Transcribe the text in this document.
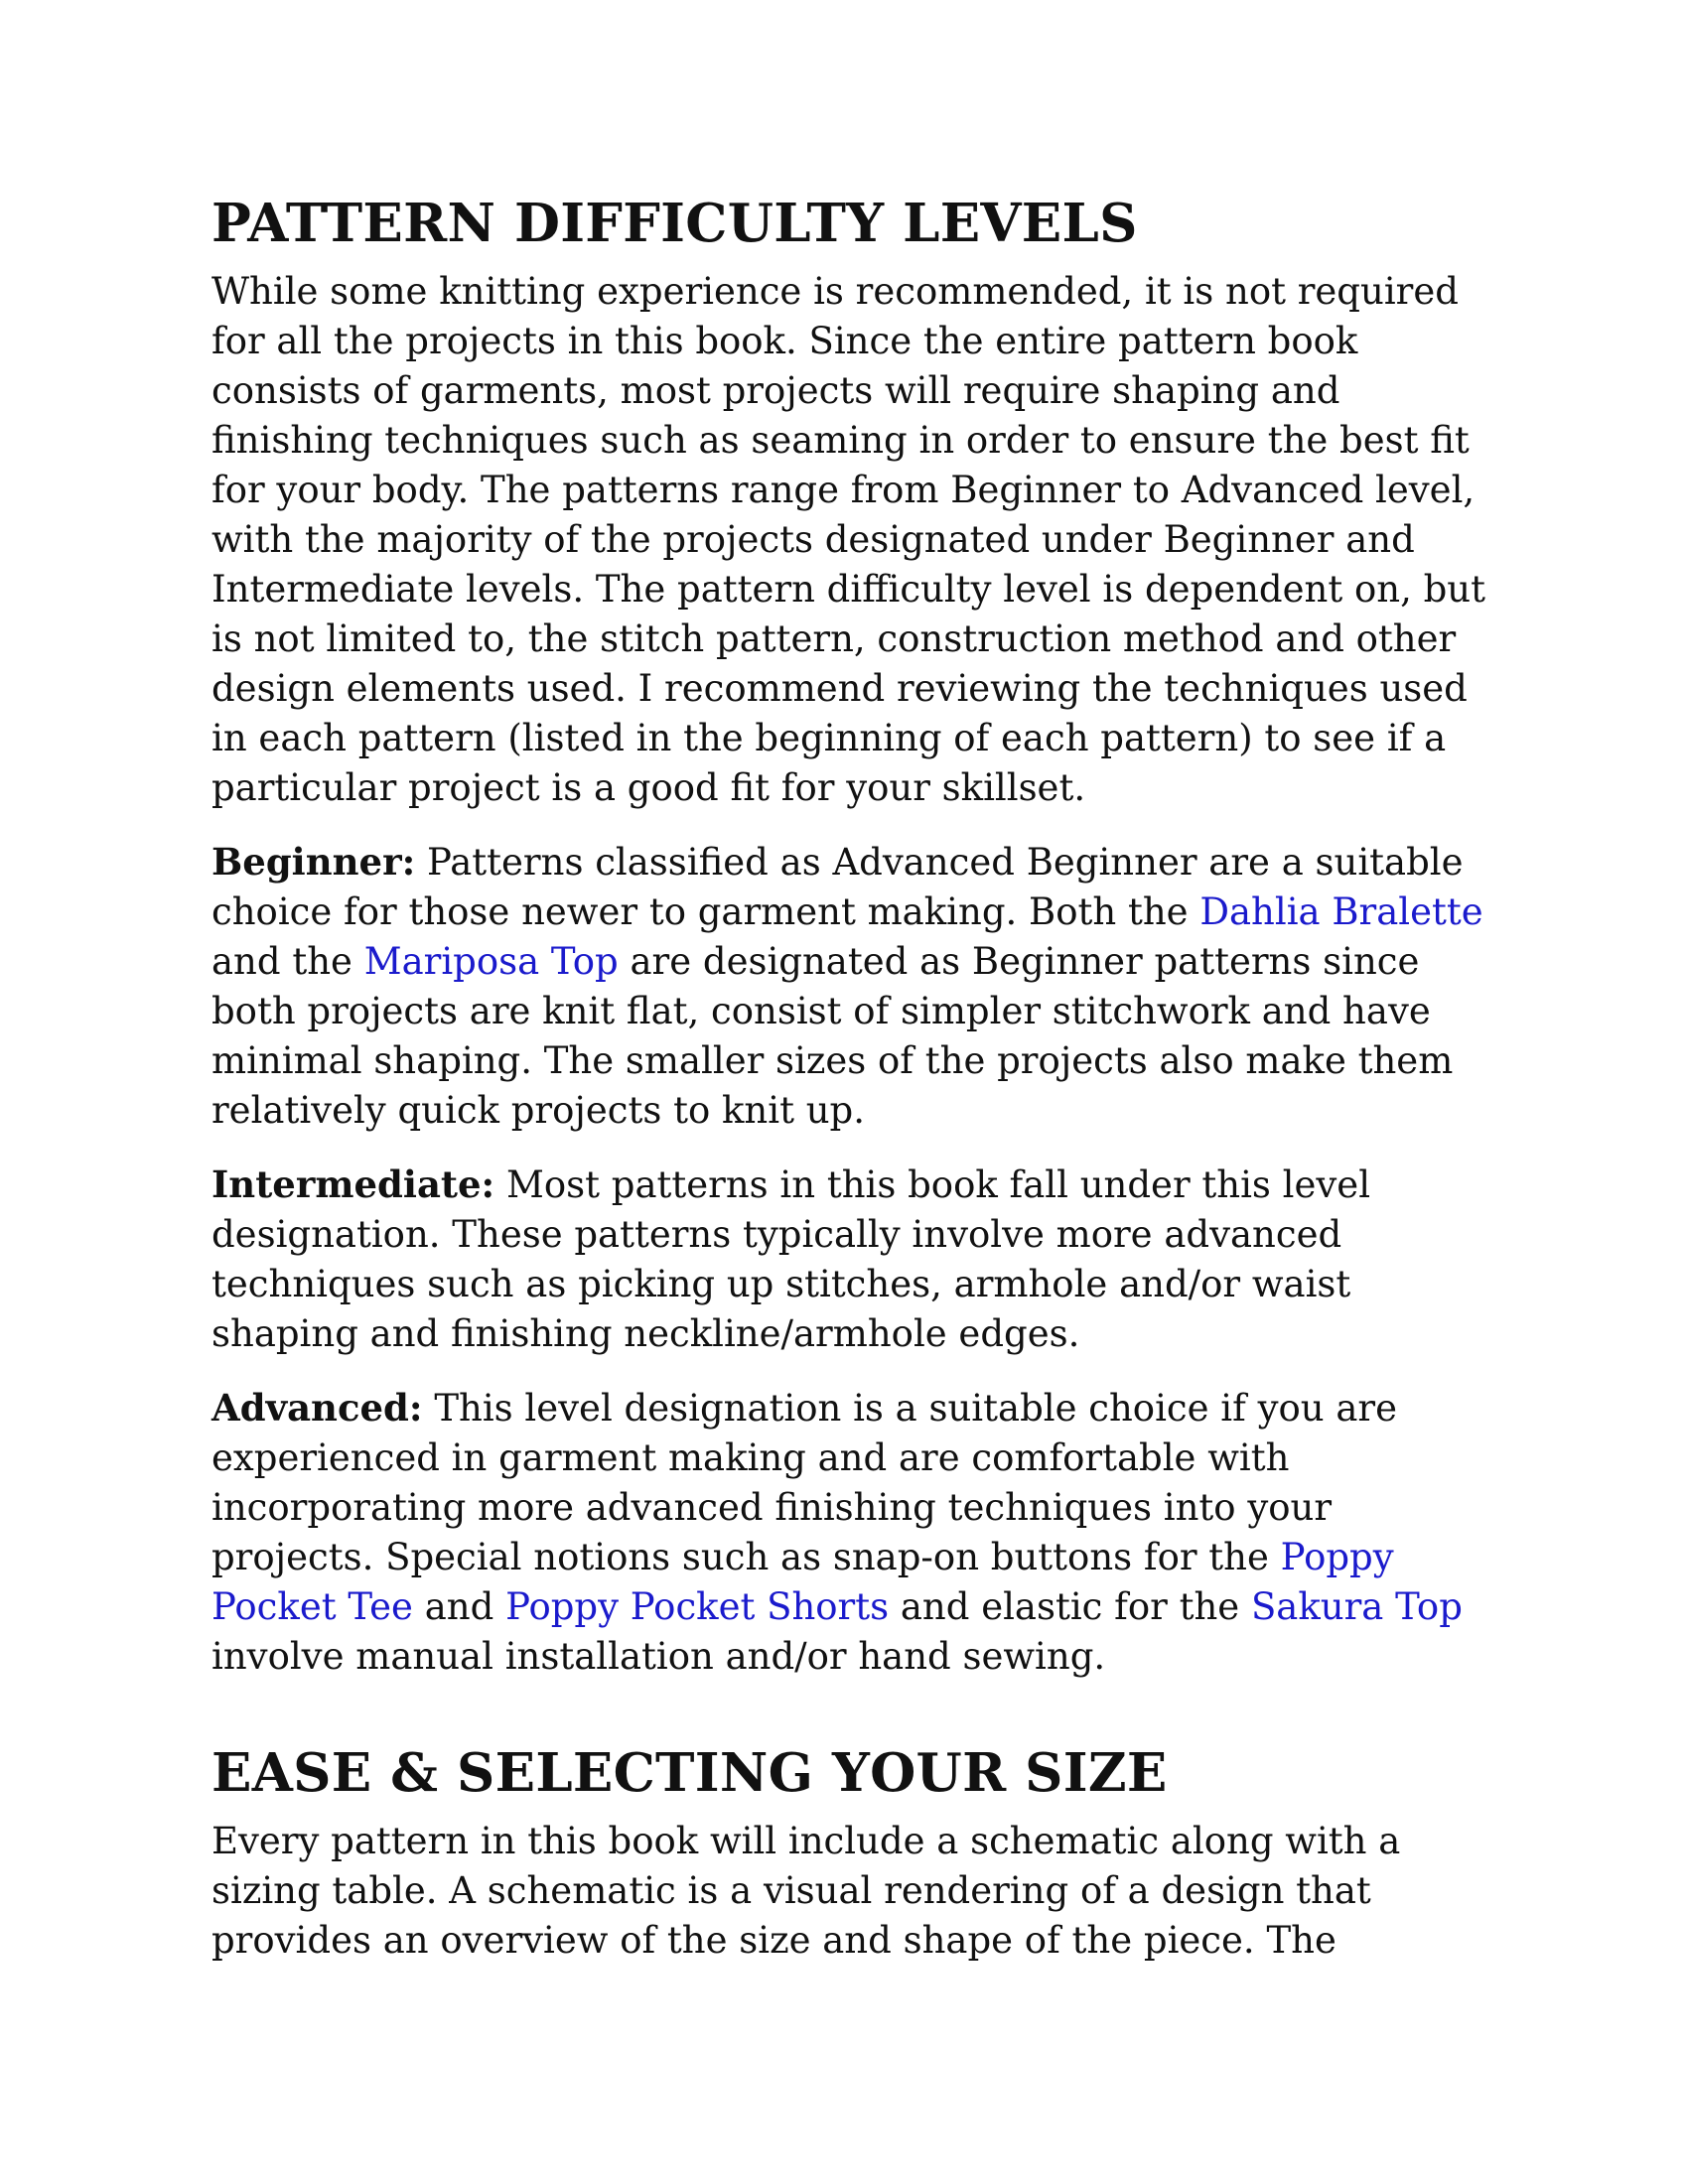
PATTERN DIFFICULTY LEVELS

While some knitting experience is recommended, it is not required
for all the projects in this book. Since the entire pattern book
consists of garments, most projects will require shaping and
finishing techniques such as seaming in order to ensure the best fit
for your body. The patterns range from Beginner to Advanced level,
with the majority of the projects designated under Beginner and
Intermediate levels. The pattern difficulty level is dependent on, but
is not limited to, the stitch pattern, construction method and other
design elements used. I recommend reviewing the techniques used
in each pattern (listed in the beginning of each pattern) to see if a
particular project is a good fit for your skillset.

Beginner: Patterns classified as Advanced Beginner are a suitable
choice for those newer to garment making. Both the Dahlia Bralette
and the Mariposa Top are designated as Beginner patterns since
both projects are knit flat, consist of simpler stitchwork and have
minimal shaping. The smaller sizes of the projects also make them
relatively quick projects to knit up.

Intermediate: Most patterns in this book fall under this level
designation. These patterns typically involve more advanced
techniques such as picking up stitches, armhole and/or waist
shaping and finishing neckline/armhole edges.

Advanced: This level designation is a suitable choice if you are
experienced in garment making and are comfortable with
incorporating more advanced finishing techniques into your
projects. Special notions such as snap-on buttons for the Poppy
Pocket Tee and Poppy Pocket Shorts and elastic for the Sakura Top
involve manual installation and/or hand sewing.

EASE & SELECTING YOUR SIZE

Every pattern in this book will include a schematic along with a
sizing table. A schematic is a visual rendering of a design that
provides an overview of the size and shape of the piece. The
